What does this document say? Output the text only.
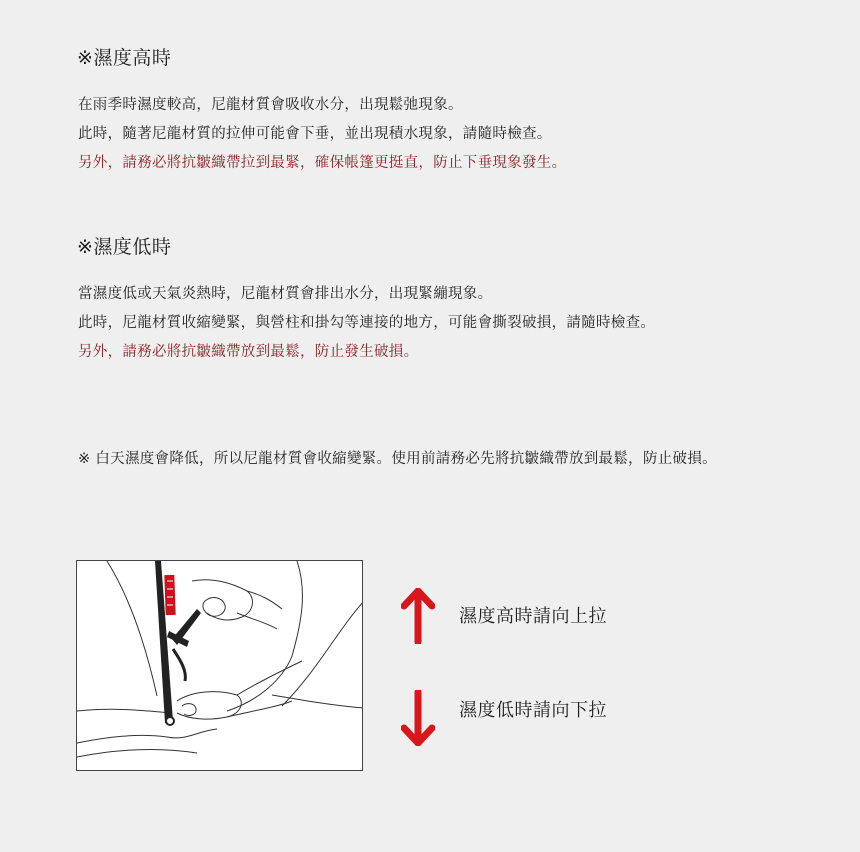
※濕度高時
在雨季時濕度較高，尼龍材質會吸收水分，出現鬆弛現象。
此時，隨著尼龍材質的拉伸可能會下垂，並出現積水現象，請隨時檢查。
另外，請務必將抗皺織帶拉到最緊，確保帳篷更挺直，防止下垂現象發生。
※濕度低時
當濕度低或天氣炎熱時，尼龍材質會排出水分，出現緊繃現象。
此時，尼龍材質收縮變緊，與營柱和掛勾等連接的地方，可能會撕裂破損，請隨時檢查。
另外，請務必將抗皺織帶放到最鬆，防止發生破損。
※ 白天濕度會降低，所以尼龍材質會收縮變緊。使用前請務必先將抗皺織帶放到最鬆，防止破損。
濕度高時請向上拉
濕度低時請向下拉
